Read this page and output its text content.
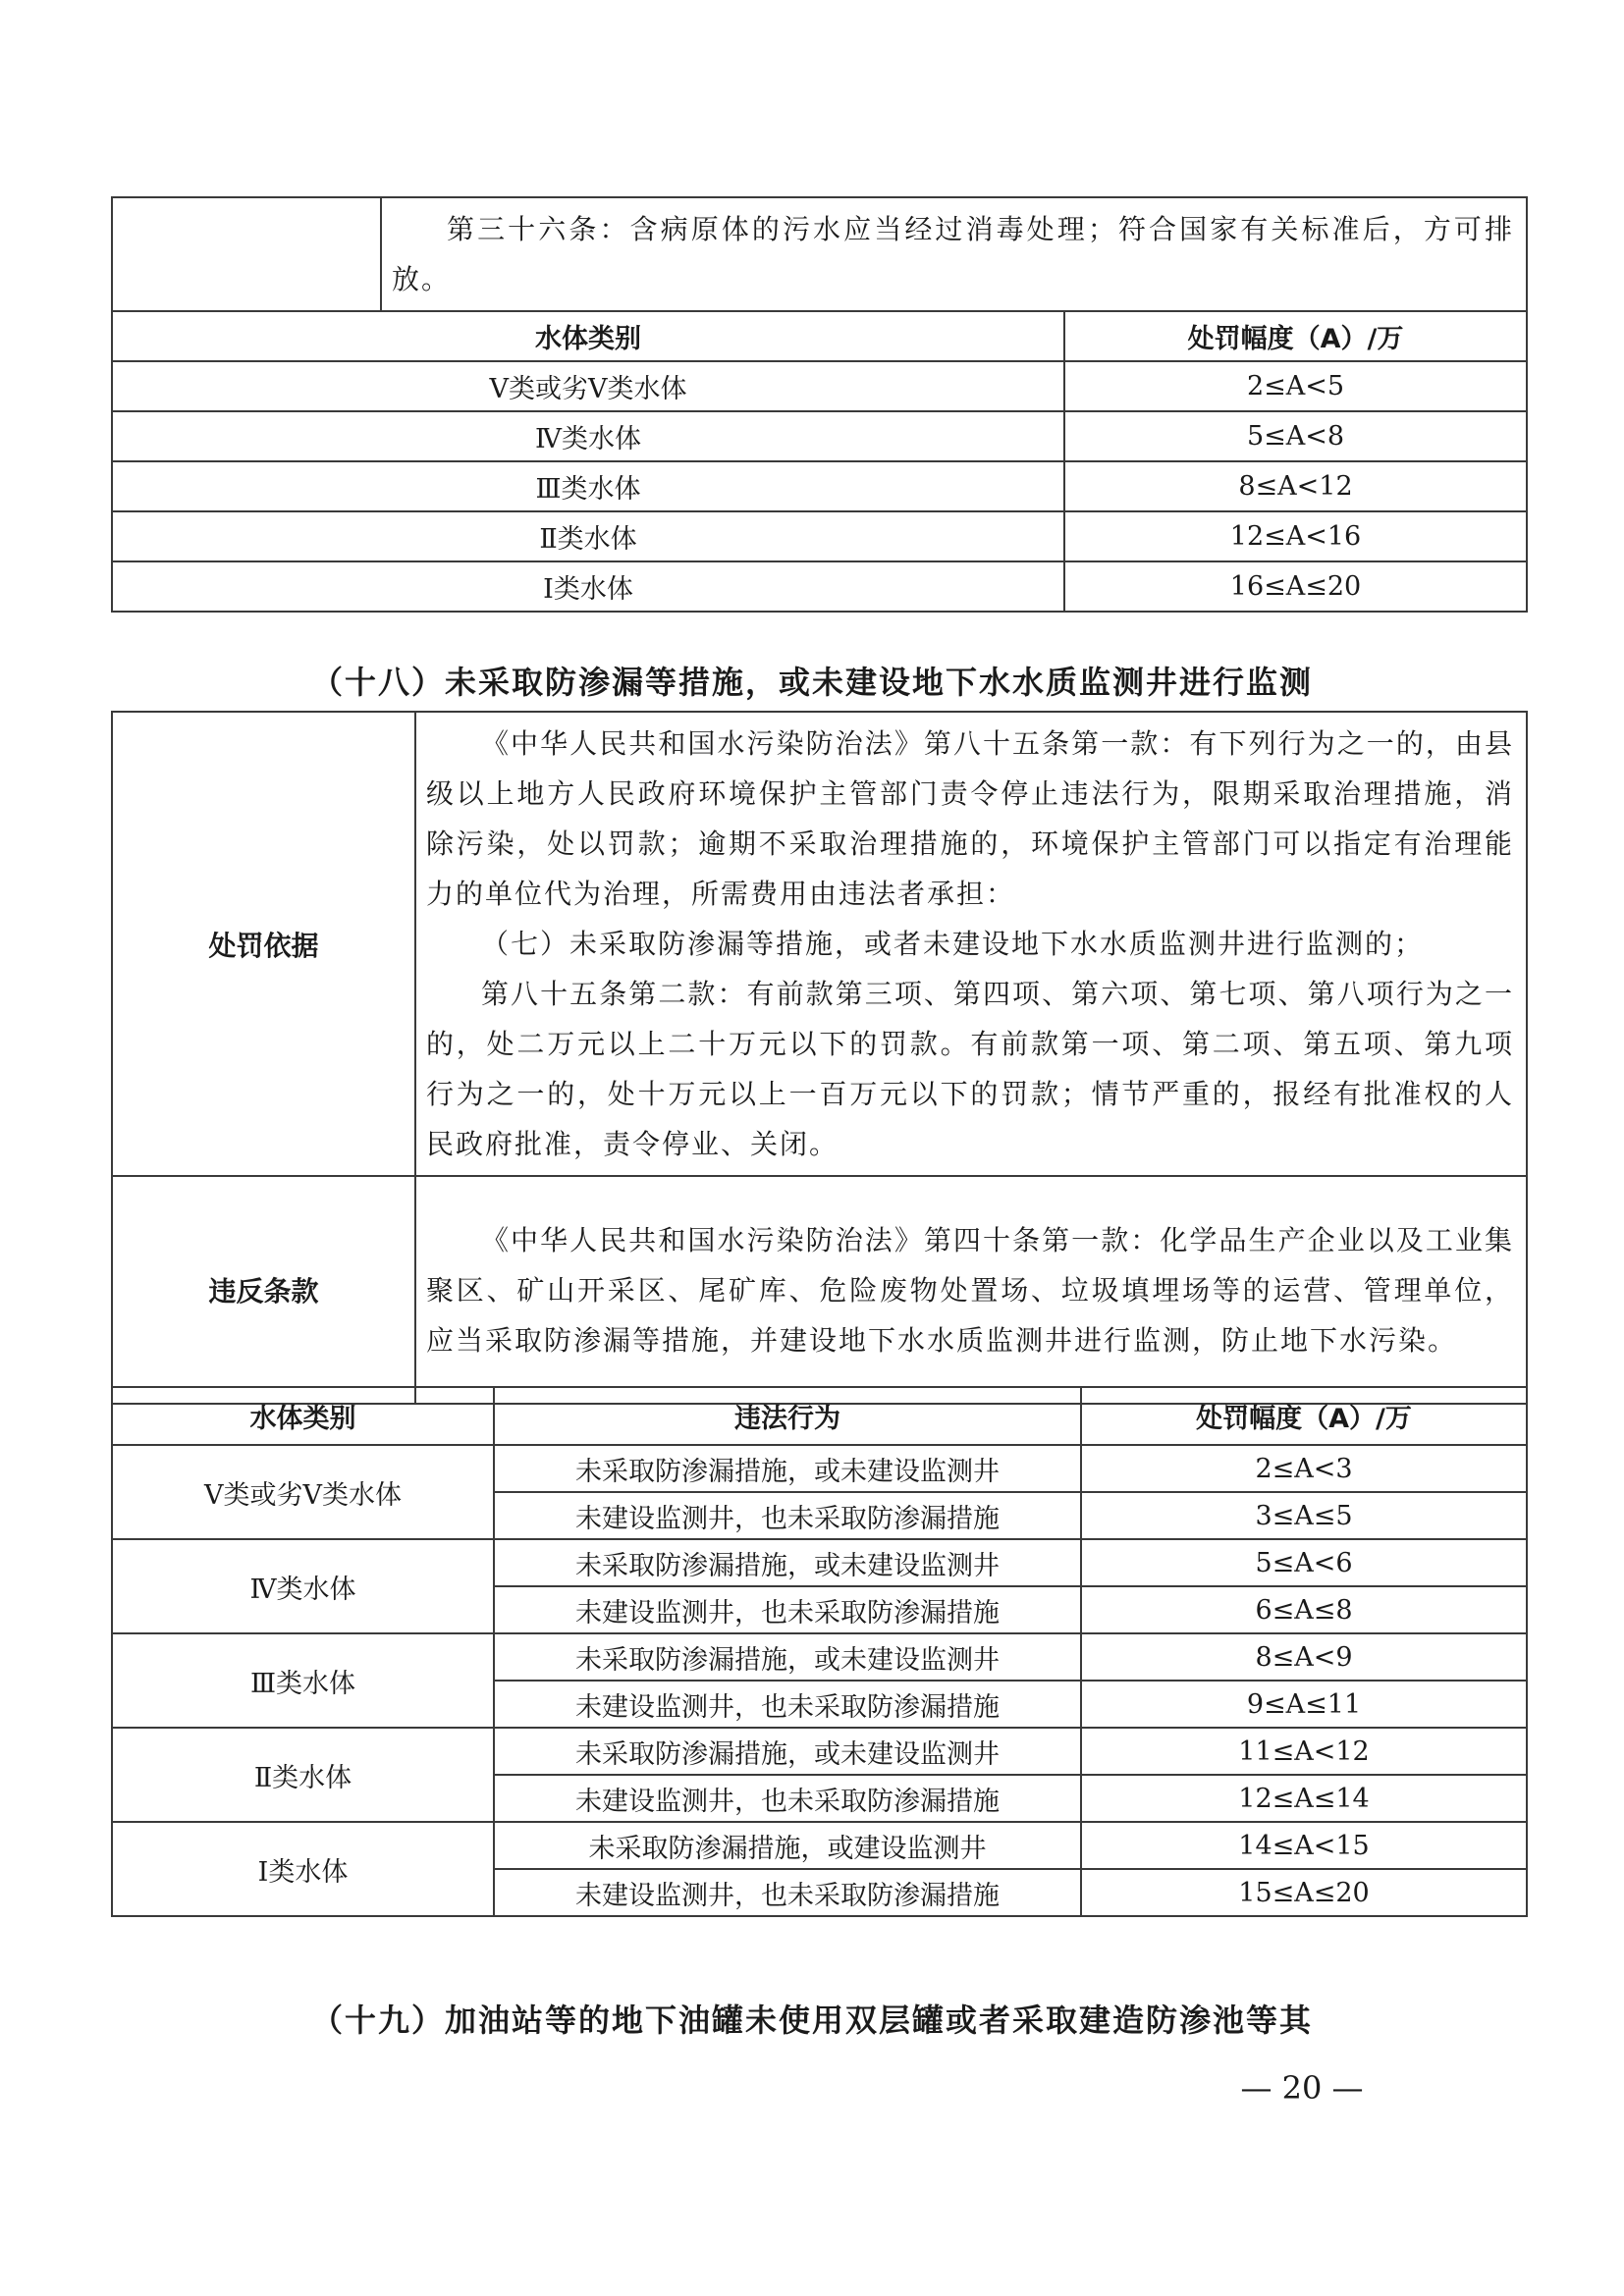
	第三十六条：含病原体的污水应当经过消毒处理；符合国家有关标准后，方可排放。	

水体类别		处罚幅度（A）/万
Ⅴ类或劣Ⅴ类水体		2≤A<5
Ⅳ类水体		5≤A<8
Ⅲ类水体		8≤A<12
Ⅱ类水体		12≤A<16
Ⅰ类水体		16≤A≤20
（十八）未采取防渗漏等措施，或未建设地下水水质监测井进行监测
处罚依据	《中华人民共和国水污染防治法》第八十五条第一款：有下列行为之一的，由县级以上地方人民政府环境保护主管部门责令停止违法行为，限期采取治理措施，消除污染，处以罚款；逾期不采取治理措施的，环境保护主管部门可以指定有治理能力的单位代为治理，所需费用由违法者承担：

（七）未采取防渗漏等措施，或者未建设地下水水质监测井进行监测的；

第八十五条第二款：有前款第三项、第四项、第六项、第七项、第八项行为之一的，处二万元以上二十万元以下的罚款。有前款第一项、第二项、第五项、第九项行为之一的，处十万元以上一百万元以下的罚款；情节严重的，报经有批准权的人民政府批准，责令停业、关闭。

违反条款	《中华人民共和国水污染防治法》第四十条第一款：化学品生产企业以及工业集聚区、矿山开采区、尾矿库、危险废物处置场、垃圾填埋场等的运营、管理单位，应当采取防渗漏等措施，并建设地下水水质监测井进行监测，防止地下水污染。

水体类别	违法行为	处罚幅度（A）/万
Ⅴ类或劣Ⅴ类水体	未采取防渗漏措施，或未建设监测井	2≤A<3
	未建设监测井，也未采取防渗漏措施	3≤A≤5
Ⅳ类水体	未采取防渗漏措施，或未建设监测井	5≤A<6
	未建设监测井，也未采取防渗漏措施	6≤A≤8
Ⅲ类水体	未采取防渗漏措施，或未建设监测井	8≤A<9
	未建设监测井，也未采取防渗漏措施	9≤A≤11
Ⅱ类水体	未采取防渗漏措施，或未建设监测井	11≤A<12
	未建设监测井，也未采取防渗漏措施	12≤A≤14
Ⅰ类水体	未采取防渗漏措施，或建设监测井	14≤A<15
	未建设监测井，也未采取防渗漏措施	15≤A≤20
（十九）加油站等的地下油罐未使用双层罐或者采取建造防渗池等其
— 20 —
